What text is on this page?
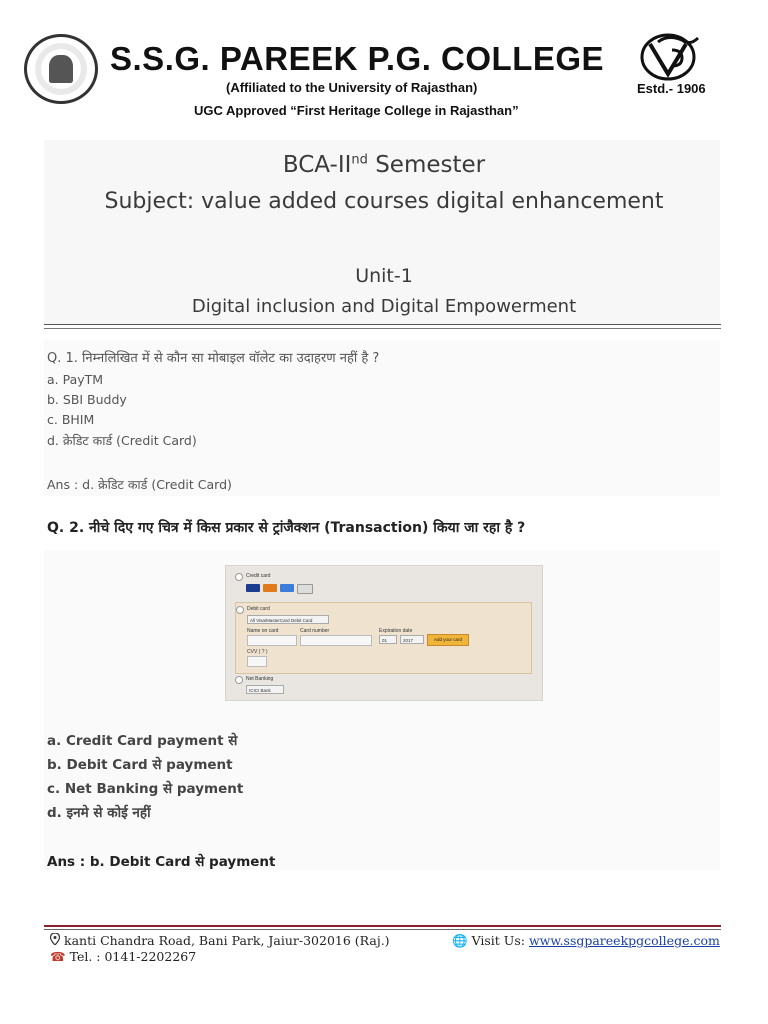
S.S.G. PAREEK P.G. COLLEGE
(Affiliated to the University of Rajasthan)	Estd.- 1906
UGC Approved “First Heritage College in Rajasthan”
BCA-IInd Semester
Subject: value added courses digital enhancement
Unit-1
Digital inclusion and Digital Empowerment
Q. 1. निम्नलिखित में से कौन सा मोबाइल वॉलेट का उदाहरण नहीं है ?
a. PayTM
b. SBI Buddy
c. BHIM
d. क्रेडिट कार्ड (Credit Card)
Ans : d. क्रेडिट कार्ड (Credit Card)
Q. 2. नीचे दिए गए चित्र में किस प्रकार से ट्रांजैक्शन (Transaction) किया जा रहा है ?
Credit card
Debit card
All Visa/MasterCard Debit Card
Name on card	Card number	Expiration date
01	2017	Add your card
CVV ( ? )
Net Banking
ICICI Bank
a. Credit Card payment से
b. Debit Card से payment
c. Net Banking से payment
d. इनमे से कोई नहीं
Ans : b. Debit Card से payment
kanti Chandra Road, Bani Park, Jaiur-302016 (Raj.)
☎ Tel. : 0141-2202267
🌐 Visit Us: www.ssgpareekpgcollege.com
